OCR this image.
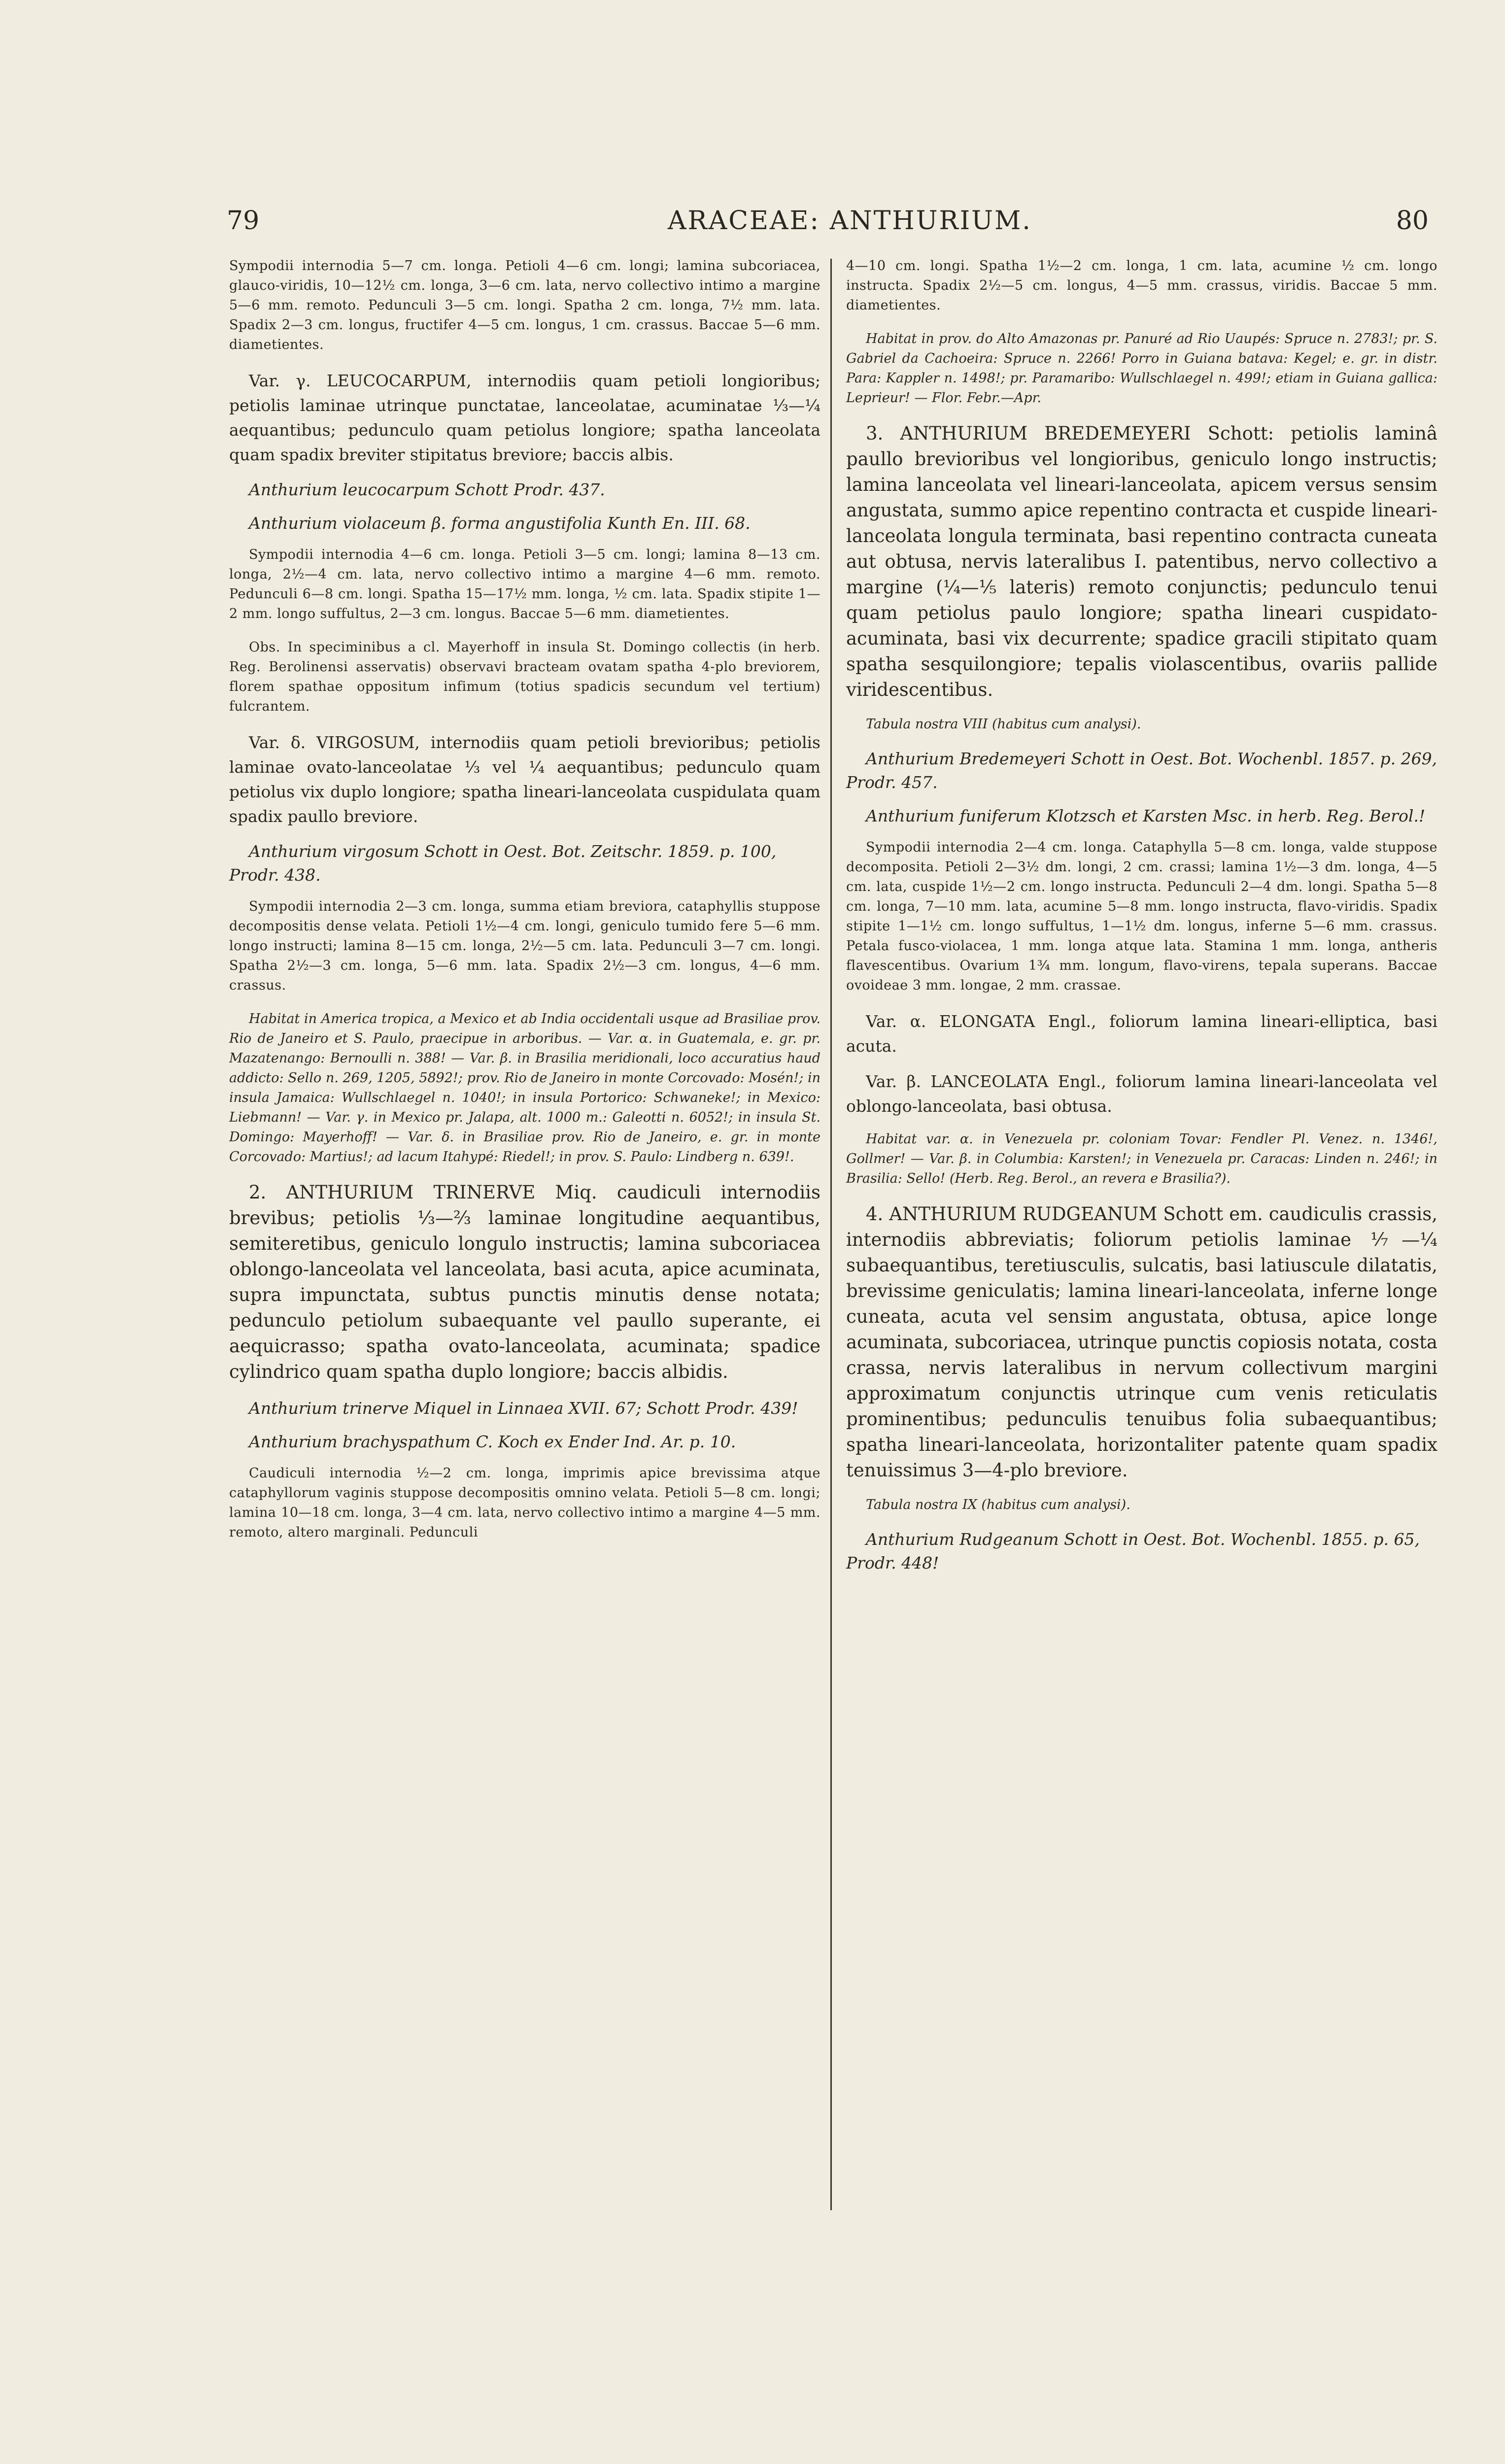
79	ARACEAE: ANTHURIUM.	80

Sympodii internodia 5—7 cm. longa. Petioli 4—6 cm. longi; lamina subcoriacea, glauco-viridis, 10—12½ cm. longa, 3—6 cm. lata, nervo collectivo intimo a margine 5—6 mm. remoto. Pedunculi 3—5 cm. longi. Spatha 2 cm. longa, 7½ mm. lata. Spadix 2—3 cm. longus, fructifer 4—5 cm. longus, 1 cm. crassus. Baccae 5—6 mm. diametientes.

Var. γ. LEUCOCARPUM, internodiis quam petioli longioribus; petiolis laminae utrinque punctatae, lanceolatae, acuminatae ⅓—¼ aequantibus; pedunculo quam petiolus longiore; spatha lanceolata quam spadix breviter stipitatus breviore; baccis albis.

Anthurium leucocarpum Schott Prodr. 437.

Anthurium violaceum β. forma angustifolia Kunth En. III. 68.

Sympodii internodia 4—6 cm. longa. Petioli 3—5 cm. longi; lamina 8—13 cm. longa, 2½—4 cm. lata, nervo collectivo intimo a margine 4—6 mm. remoto. Pedunculi 6—8 cm. longi. Spatha 15—17½ mm. longa, ½ cm. lata. Spadix stipite 1—2 mm. longo suffultus, 2—3 cm. longus. Baccae 5—6 mm. diametientes.

Obs. In speciminibus a cl. Mayerhoff in insula St. Domingo collectis (in herb. Reg. Berolinensi asservatis) observavi bracteam ovatam spatha 4-plo breviorem, florem spathae oppositum infimum (totius spadicis secundum vel tertium) fulcrantem.

Var. δ. VIRGOSUM, internodiis quam petioli brevioribus; petiolis laminae ovato-lanceolatae ⅓ vel ¼ aequantibus; pedunculo quam petiolus vix duplo longiore; spatha lineari-lanceolata cuspidulata quam spadix paullo breviore.

Anthurium virgosum Schott in Oest. Bot. Zeitschr. 1859. p. 100, Prodr. 438.

Sympodii internodia 2—3 cm. longa, summa etiam breviora, cataphyllis stuppose decompositis dense velata. Petioli 1½—4 cm. longi, geniculo tumido fere 5—6 mm. longo instructi; lamina 8—15 cm. longa, 2½—5 cm. lata. Pedunculi 3—7 cm. longi. Spatha 2½—3 cm. longa, 5—6 mm. lata. Spadix 2½—3 cm. longus, 4—6 mm. crassus.

Habitat in America tropica, a Mexico et ab India occidentali usque ad Brasiliae prov. Rio de Janeiro et S. Paulo, praecipue in arboribus. — Var. α. in Guatemala, e. gr. pr. Mazatenango: Bernoulli n. 388! — Var. β. in Brasilia meridionali, loco accuratius haud addicto: Sello n. 269, 1205, 5892!; prov. Rio de Janeiro in monte Corcovado: Mosén!; in insula Jamaica: Wullschlaegel n. 1040!; in insula Portorico: Schwaneke!; in Mexico: Liebmann! — Var. γ. in Mexico pr. Jalapa, alt. 1000 m.: Galeotti n. 6052!; in insula St. Domingo: Mayerhoff! — Var. δ. in Brasiliae prov. Rio de Janeiro, e. gr. in monte Corcovado: Martius!; ad lacum Itahypé: Riedel!; in prov. S. Paulo: Lindberg n. 639!.

2. ANTHURIUM TRINERVE Miq. caudiculi internodiis brevibus; petiolis ⅓—⅔ laminae longitudine aequantibus, semiteretibus, geniculo longulo instructis; lamina subcoriacea oblongo-lanceolata vel lanceolata, basi acuta, apice acuminata, supra impunctata, subtus punctis minutis dense notata; pedunculo petiolum subaequante vel paullo superante, ei aequicrasso; spatha ovato-lanceolata, acuminata; spadice cylindrico quam spatha duplo longiore; baccis albidis.

Anthurium trinerve Miquel in Linnaea XVII. 67; Schott Prodr. 439!

Anthurium brachyspathum C. Koch ex Ender Ind. Ar. p. 10.

Caudiculi internodia ½—2 cm. longa, imprimis apice brevissima atque cataphyllorum vaginis stuppose decompositis omnino velata. Petioli 5—8 cm. longi; lamina 10—18 cm. longa, 3—4 cm. lata, nervo collectivo intimo a margine 4—5 mm. remoto, altero marginali. Pedunculi

4—10 cm. longi. Spatha 1½—2 cm. longa, 1 cm. lata, acumine ½ cm. longo instructa. Spadix 2½—5 cm. longus, 4—5 mm. crassus, viridis. Baccae 5 mm. diametientes.

Habitat in prov. do Alto Amazonas pr. Panuré ad Rio Uaupés: Spruce n. 2783!; pr. S. Gabriel da Cachoeira: Spruce n. 2266! Porro in Guiana batava: Kegel; e. gr. in distr. Para: Kappler n. 1498!; pr. Paramaribo: Wullschlaegel n. 499!; etiam in Guiana gallica: Leprieur! — Flor. Febr.—Apr.

3. ANTHURIUM BREDEMEYERI Schott: petiolis laminâ paullo brevioribus vel longioribus, geniculo longo instructis; lamina lanceolata vel lineari-lanceolata, apicem versus sensim angustata, summo apice repentino contracta et cuspide lineari-lanceolata longula terminata, basi repentino contracta cuneata aut obtusa, nervis lateralibus I. patentibus, nervo collectivo a margine (¼—⅕ lateris) remoto conjunctis; pedunculo tenui quam petiolus paulo longiore; spatha lineari cuspidato-acuminata, basi vix decurrente; spadice gracili stipitato quam spatha sesquilongiore; tepalis violascentibus, ovariis pallide viridescentibus.

Tabula nostra VIII (habitus cum analysi).

Anthurium Bredemeyeri Schott in Oest. Bot. Wochenbl. 1857. p. 269, Prodr. 457.

Anthurium funiferum Klotzsch et Karsten Msc. in herb. Reg. Berol.!

Sympodii internodia 2—4 cm. longa. Cataphylla 5—8 cm. longa, valde stuppose decomposita. Petioli 2—3½ dm. longi, 2 cm. crassi; lamina 1½—3 dm. longa, 4—5 cm. lata, cuspide 1½—2 cm. longo instructa. Pedunculi 2—4 dm. longi. Spatha 5—8 cm. longa, 7—10 mm. lata, acumine 5—8 mm. longo instructa, flavo-viridis. Spadix stipite 1—1½ cm. longo suffultus, 1—1½ dm. longus, inferne 5—6 mm. crassus. Petala fusco-violacea, 1 mm. longa atque lata. Stamina 1 mm. longa, antheris flavescentibus. Ovarium 1¾ mm. longum, flavo-virens, tepala superans. Baccae ovoideae 3 mm. longae, 2 mm. crassae.

Var. α. ELONGATA Engl., foliorum lamina lineari-elliptica, basi acuta.

Var. β. LANCEOLATA Engl., foliorum lamina lineari-lanceolata vel oblongo-lanceolata, basi obtusa.

Habitat var. α. in Venezuela pr. coloniam Tovar: Fendler Pl. Venez. n. 1346!, Gollmer! — Var. β. in Columbia: Karsten!; in Venezuela pr. Caracas: Linden n. 246!; in Brasilia: Sello! (Herb. Reg. Berol., an revera e Brasilia?).

4. ANTHURIUM RUDGEANUM Schott em. caudiculis crassis, internodiis abbreviatis; foliorum petiolis laminae ⅐—¼ subaequantibus, teretiusculis, sulcatis, basi latiuscule dilatatis, brevissime geniculatis; lamina lineari-lanceolata, inferne longe cuneata, acuta vel sensim angustata, obtusa, apice longe acuminata, subcoriacea, utrinque punctis copiosis notata, costa crassa, nervis lateralibus in nervum collectivum margini approximatum conjunctis utrinque cum venis reticulatis prominentibus; pedunculis tenuibus folia subaequantibus; spatha lineari-lanceolata, horizontaliter patente quam spadix tenuissimus 3—4-plo breviore.

Tabula nostra IX (habitus cum analysi).

Anthurium Rudgeanum Schott in Oest. Bot. Wochenbl. 1855. p. 65, Prodr. 448!
